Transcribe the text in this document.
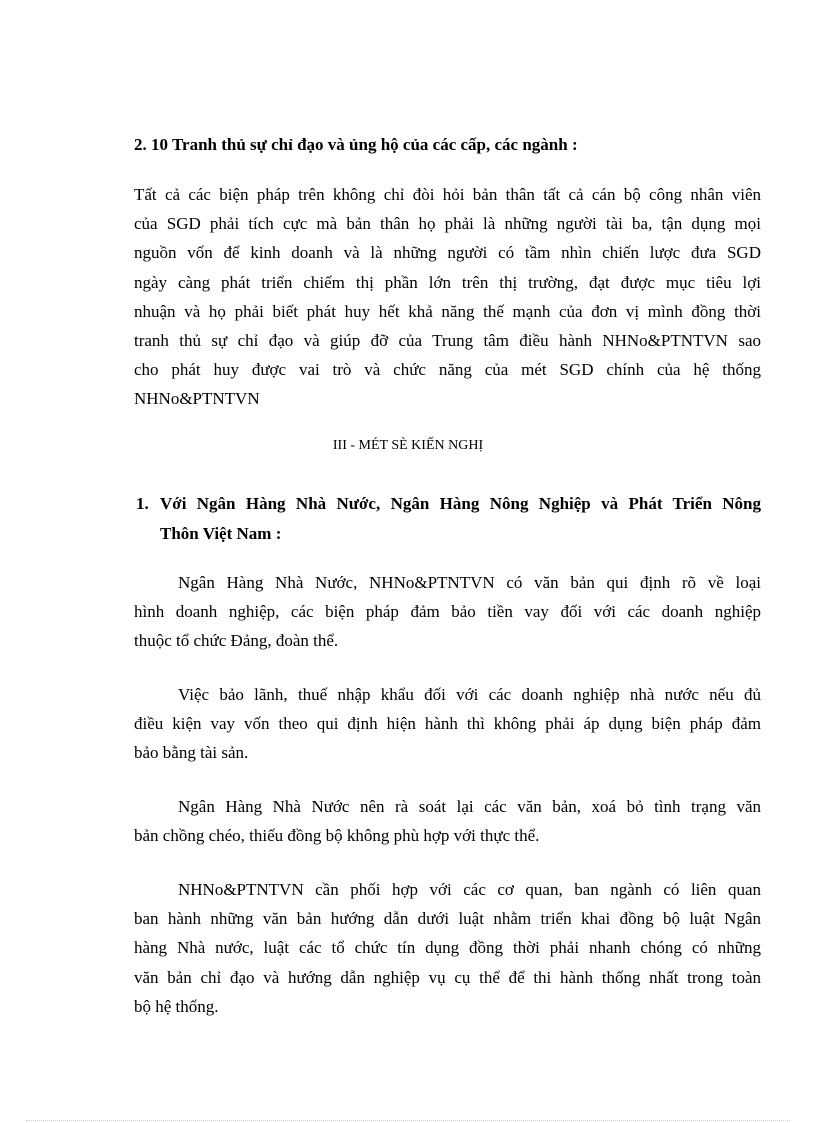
2. 10 Tranh thủ sự chỉ đạo và ủng hộ của các cấp, các ngành :
Tất cả các biện pháp trên không chỉ đòi hỏi bản thân tất cả cán bộ công nhân viên
của SGD phải tích cực mà bản thân họ phải là những người tài ba, tận dụng mọi
nguồn vốn để kinh doanh và là những người có tầm nhìn chiến lược đưa SGD
ngày càng phát triển chiếm thị phần lớn trên thị trường, đạt được mục tiêu lợi
nhuận và họ phải biết phát huy hết khả năng thế mạnh của đơn vị mình đồng thời
tranh thủ sự chỉ đạo và giúp đỡ của Trung tâm điều hành NHNo&PTNTVN sao
cho phát huy được vai trò và chức năng của mét SGD chính của hệ thống
NHNo&PTNTVN
III - MÉT SÈ KIẾN NGHỊ
1. Với Ngân Hàng Nhà Nước, Ngân Hàng Nông Nghiệp và Phát Triển Nông
Thôn Việt Nam :
Ngân Hàng Nhà Nước, NHNo&PTNTVN có văn bản qui định rõ về loại
hình doanh nghiệp, các biện pháp đảm bảo tiền vay đối với các doanh nghiệp
thuộc tổ chức Đảng, đoàn thể.
Việc bảo lãnh, thuế nhập khẩu đối với các doanh nghiệp nhà nước nếu đủ
điều kiện vay vốn theo qui định hiện hành thì không phải áp dụng biện pháp đảm
bảo bằng tài sản.
Ngân Hàng Nhà Nước nên rà soát lại các văn bản, xoá bỏ tình trạng văn
bản chồng chéo, thiếu đồng bộ không phù hợp với thực thể.
NHNo&PTNTVN cần phối hợp với các cơ quan, ban ngành có liên quan
ban hành những văn bản hướng dẫn dưới luật nhằm triển khai đồng bộ luật Ngân
hàng Nhà nước, luật các tổ chức tín dụng đồng thời phải nhanh chóng có những
văn bản chỉ đạo và hướng dẫn nghiệp vụ cụ thể để thi hành thống nhất trong toàn
bộ hệ thống.
